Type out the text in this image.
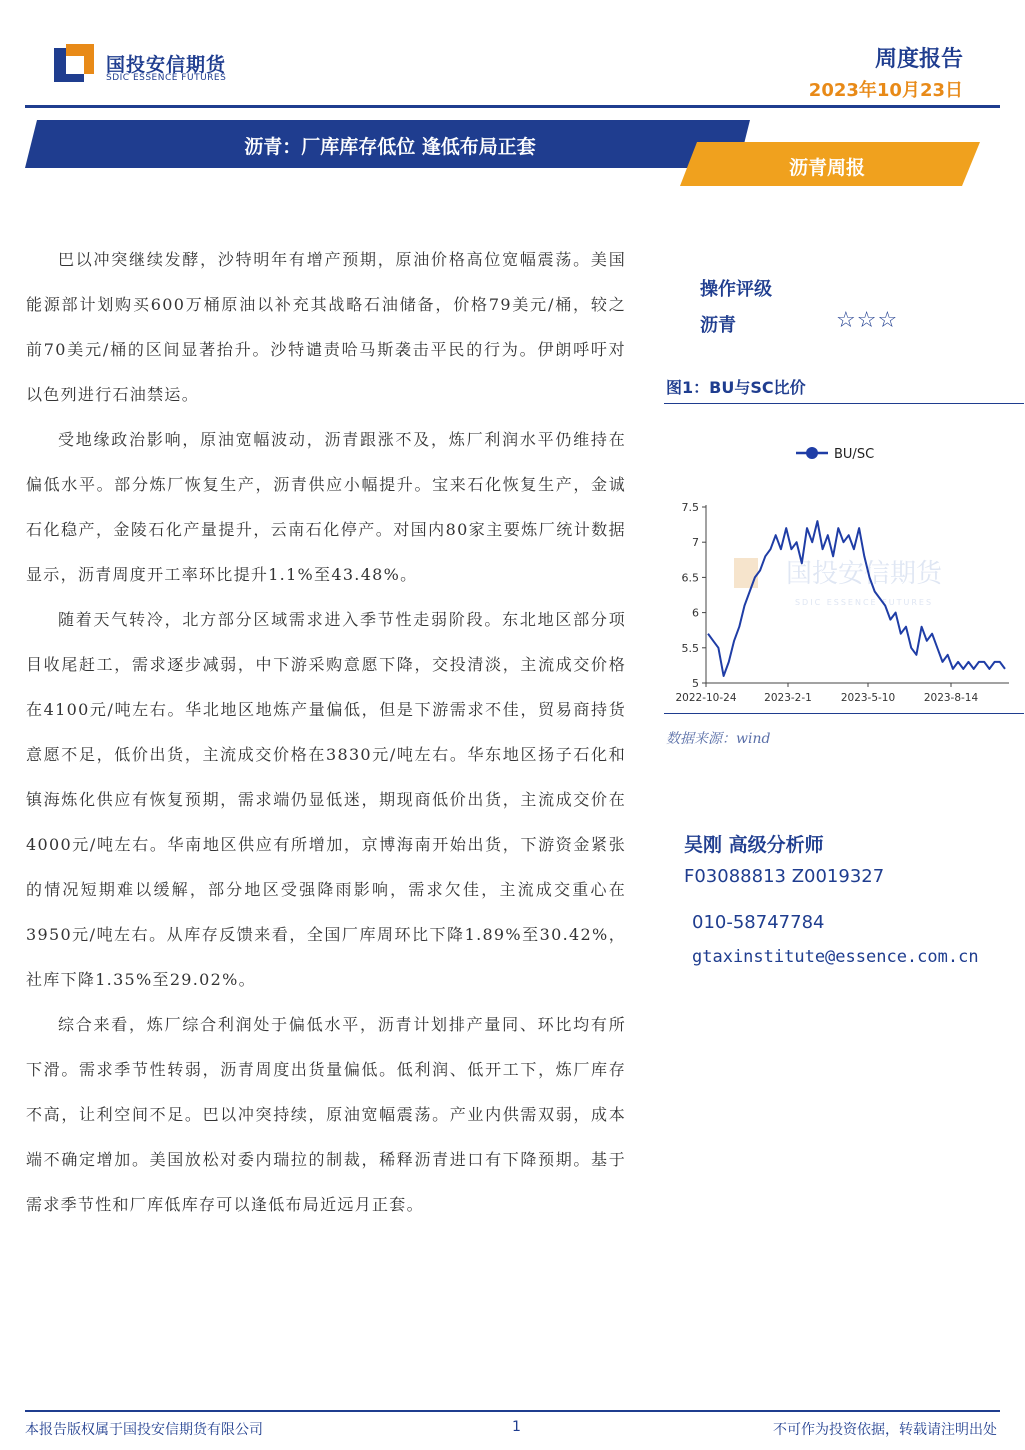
国投安信期货
SDIC ESSENCE FUTURES
周度报告
2023年10月23日
沥青：厂库库存低位 逢低布局正套
沥青周报

巴以冲突继续发酵，沙特明年有增产预期，原油价格高位宽幅震荡。美国能源部计划购买600万桶原油以补充其战略石油储备，价格79美元/桶，较之前70美元/桶的区间显著抬升。沙特谴责哈马斯袭击平民的行为。伊朗呼吁对以色列进行石油禁运。

受地缘政治影响，原油宽幅波动，沥青跟涨不及，炼厂利润水平仍维持在偏低水平。部分炼厂恢复生产，沥青供应小幅提升。宝来石化恢复生产，金诚石化稳产，金陵石化产量提升，云南石化停产。对国内80家主要炼厂统计数据显示，沥青周度开工率环比提升1.1%至43.48%。

随着天气转冷，北方部分区域需求进入季节性走弱阶段。东北地区部分项目收尾赶工，需求逐步减弱，中下游采购意愿下降，交投清淡，主流成交价格在4100元/吨左右。华北地区地炼产量偏低，但是下游需求不佳，贸易商持货意愿不足，低价出货，主流成交价格在3830元/吨左右。华东地区扬子石化和镇海炼化供应有恢复预期，需求端仍显低迷，期现商低价出货，主流成交价在4000元/吨左右。华南地区供应有所增加，京博海南开始出货，下游资金紧张的情况短期难以缓解，部分地区受强降雨影响，需求欠佳，主流成交重心在3950元/吨左右。从库存反馈来看，全国厂库周环比下降1.89%至30.42%，社库下降1.35%至29.02%。

综合来看，炼厂综合利润处于偏低水平，沥青计划排产量同、环比均有所下滑。需求季节性转弱，沥青周度出货量偏低。低利润、低开工下，炼厂库存不高，让利空间不足。巴以冲突持续，原油宽幅震荡。产业内供需双弱，成本端不确定增加。美国放松对委内瑞拉的制裁，稀释沥青进口有下降预期。基于需求季节性和厂库低库存可以逢低布局近远月正套。

操作评级
沥青	☆☆☆
图1：BU与SC比价
国投安信期货
SDIC ESSENCE FUTURES
5
5.5
6
6.5
7
7.5
2022-10-24	2023-2-1	2023-5-10	2023-8-14
BU/SC
数据来源：wind
吴刚 高级分析师
F03088813 Z0019327
010-58747784
gtaxinstitute@essence.com.cn
本报告版权属于国投安信期货有限公司	1	不可作为投资依据，转载请注明出处
